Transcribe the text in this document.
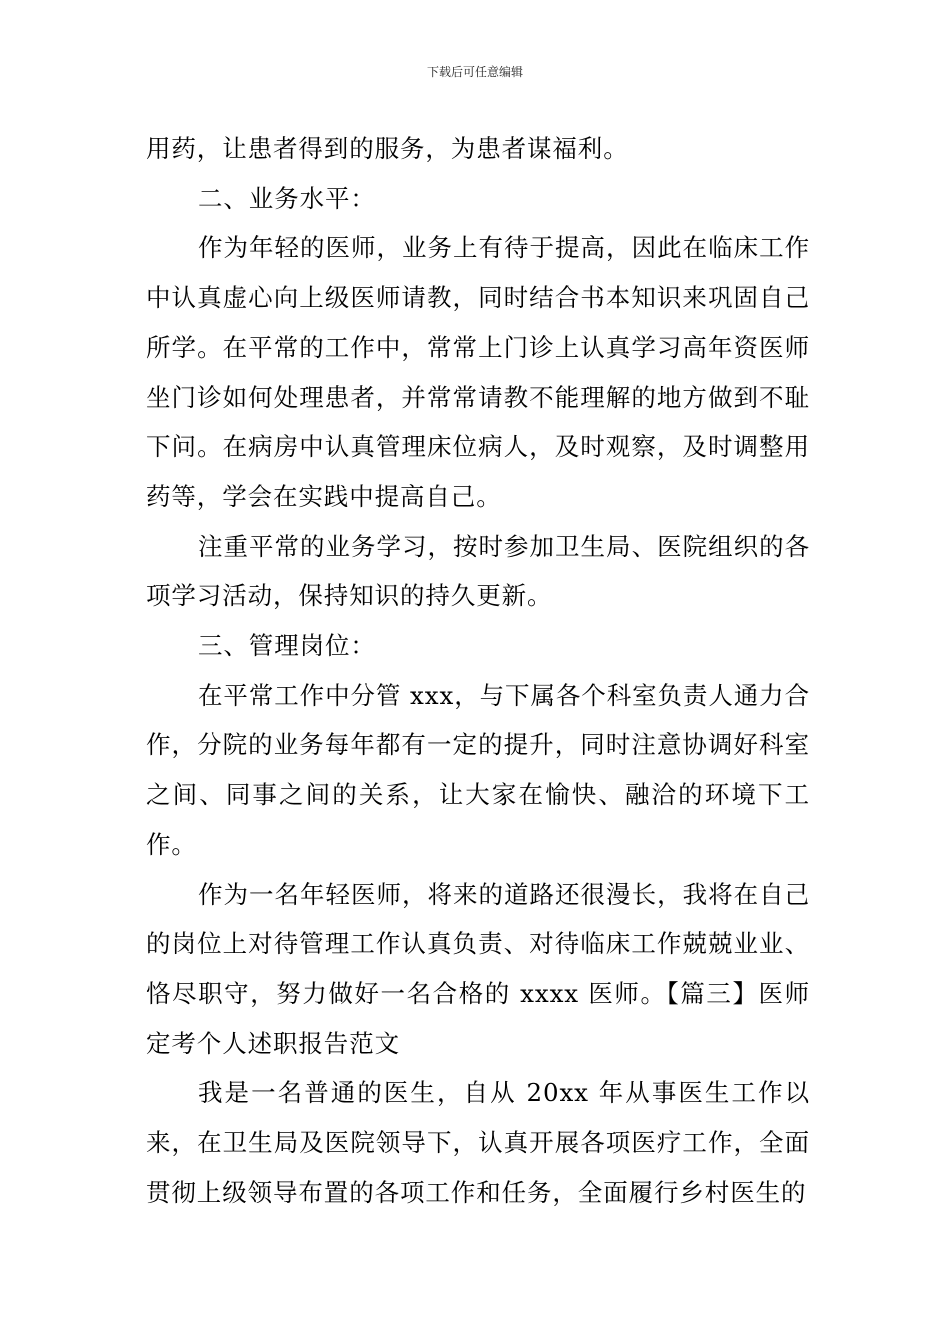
下载后可任意编辑

用药，让患者得到的服务，为患者谋福利。

二、业务水平：

作为年轻的医师，业务上有待于提高，因此在临床工作中认真虚心向上级医师请教，同时结合书本知识来巩固自己所学。在平常的工作中，常常上门诊上认真学习高年资医师坐门诊如何处理患者，并常常请教不能理解的地方做到不耻下问。在病房中认真管理床位病人，及时观察，及时调整用药等，学会在实践中提高自己。

注重平常的业务学习，按时参加卫生局、医院组织的各项学习活动，保持知识的持久更新。

三、管理岗位：

在平常工作中分管 xxx，与下属各个科室负责人通力合作，分院的业务每年都有一定的提升，同时注意协调好科室之间、同事之间的关系，让大家在愉快、融洽的环境下工作。

作为一名年轻医师，将来的道路还很漫长，我将在自己的岗位上对待管理工作认真负责、对待临床工作兢兢业业、恪尽职守，努力做好一名合格的 xxxx 医师。【篇三】医师定考个人述职报告范文

我是一名普通的医生，自从 20xx 年从事医生工作以来，在卫生局及医院领导下，认真开展各项医疗工作，全面贯彻上级领导布置的各项工作和任务，全面履行乡村医生的
